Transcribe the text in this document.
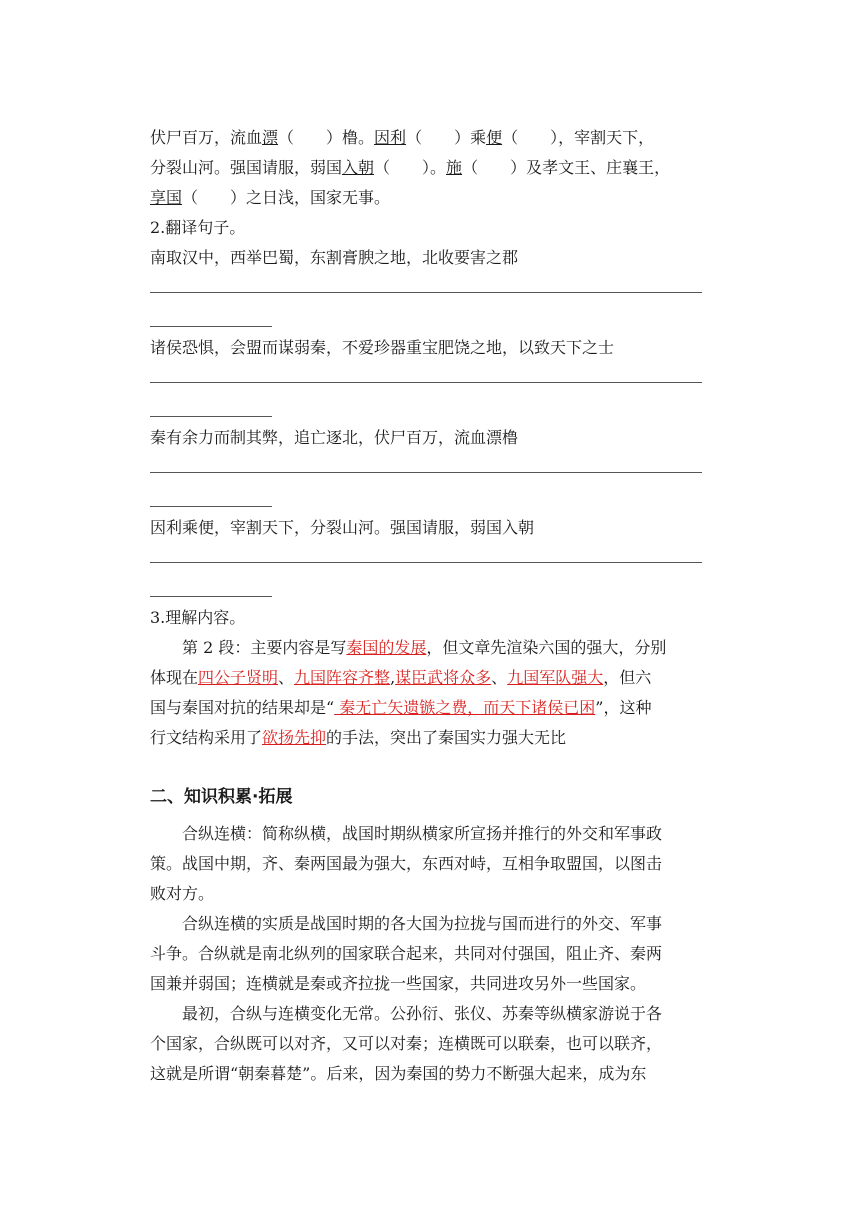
伏尸百万，流血漂（　　）橹。因利（　　）乘便（　　），宰割天下，
分裂山河。强国请服，弱国入朝（　　）。施（　　）及孝文王、庄襄王，
享国（　　）之日浅，国家无事。
2.翻译句子。
南取汉中，西举巴蜀，东割膏腴之地，北收要害之郡
诸侯恐惧，会盟而谋弱秦，不爱珍器重宝肥饶之地，以致天下之士
秦有余力而制其弊，追亡逐北，伏尸百万，流血漂橹
因利乘便，宰割天下，分裂山河。强国请服，弱国入朝
3.理解内容。
第 2 段：主要内容是写秦国的发展，但文章先渲染六国的强大，分别
体现在四公子贤明、九国阵容齐整,谋臣武将众多、九国军队强大，但六
国与秦国对抗的结果却是“ 秦无亡矢遗镞之费，而天下诸侯已困”，这种
行文结构采用了欲扬先抑的手法，突出了秦国实力强大无比
二、知识积累·拓展
　　合纵连横：简称纵横，战国时期纵横家所宣扬并推行的外交和军事政
策。战国中期，齐、秦两国最为强大，东西对峙，互相争取盟国，以图击
败对方。
　　合纵连横的实质是战国时期的各大国为拉拢与国而进行的外交、军事
斗争。合纵就是南北纵列的国家联合起来，共同对付强国，阻止齐、秦两
国兼并弱国；连横就是秦或齐拉拢一些国家，共同进攻另外一些国家。
　　最初，合纵与连横变化无常。公孙衍、张仪、苏秦等纵横家游说于各
个国家，合纵既可以对齐，又可以对秦；连横既可以联秦，也可以联齐，
这就是所谓“朝秦暮楚”。后来，因为秦国的势力不断强大起来，成为东
